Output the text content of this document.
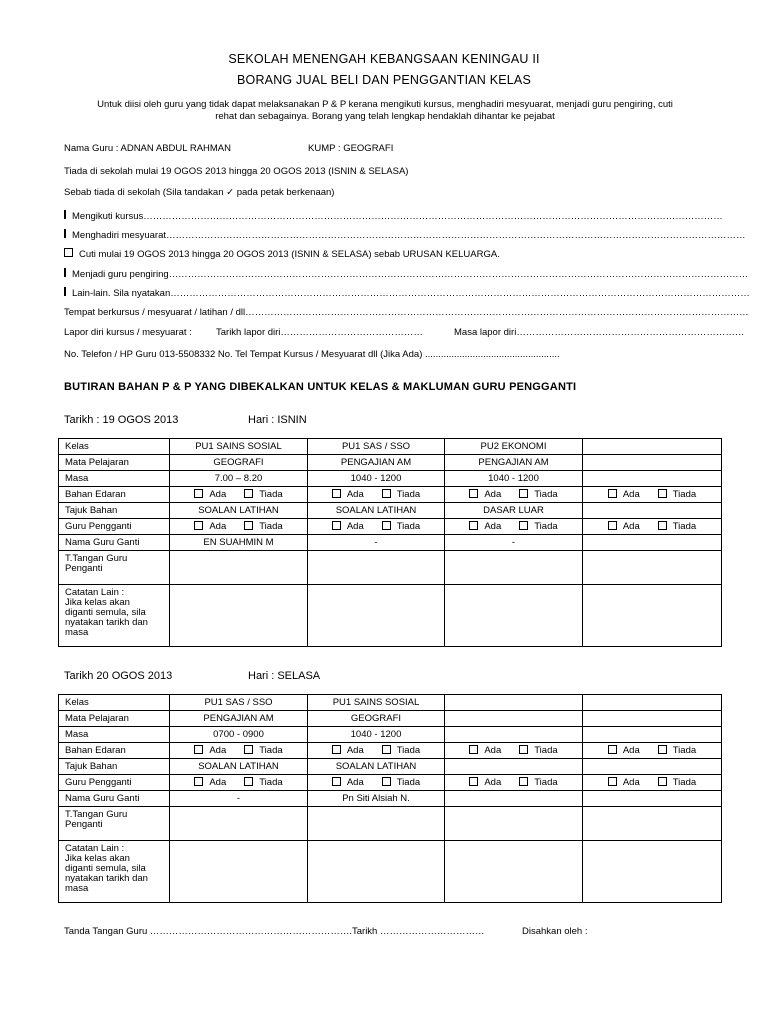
SEKOLAH MENENGAH KEBANGSAAN KENINGAU II
BORANG JUAL BELI DAN PENGGANTIAN KELAS
Untuk diisi oleh guru yang tidak dapat melaksanakan P & P kerana mengikuti kursus, menghadiri mesyuarat, menjadi guru pengiring, cuti
rehat dan sebagainya. Borang yang telah lengkap hendaklah dihantar ke pejabat
Nama Guru : ADNAN ABDUL RAHMAN	KUMP : GEOGRAFI
Tiada di sekolah mulai 19 OGOS 2013 hingga 20 OGOS 2013 (ISNIN & SELASA)
Sebab tiada di sekolah (Sila tandakan ✓ pada petak berkenaan)
Mengikuti kursus …………………………………………………………………………………………………………………………………………………………………
Menghadiri mesyuarat …………………………………………………………………………………………………………………………………………………………………
Cuti mulai 19 OGOS 2013 hingga 20 OGOS 2013 (ISNIN & SELASA) sebab URUSAN KELUARGA.
Menjadi guru pengiring …………………………………………………………………………………………………………………………………………………………………
Lain-lain. Sila nyatakan …………………………………………………………………………………………………………………………………………………………………
Tempat berkursus / mesyuarat / latihan / dll ……………………………………………………………………………………………………………………………………………
Lapor diri kursus / mesyuarat :	Tarikh lapor diri ………………………………………	Masa lapor diri ………………………………………………………………
No. Telefon / HP Guru 013-5508332 No. Tel Tempat Kursus / Mesyuarat dll (Jika Ada) ...................................................
BUTIRAN BAHAN P & P YANG DIBEKALKAN UNTUK KELAS & MAKLUMAN GURU PENGGANTI
Tarikh : 19 OGOS 2013	Hari : ISNIN
Kelas	PU1 SAINS SOSIAL	PU1 SAS / SSO	PU2 EKONOMI	
Mata Pelajaran	GEOGRAFI	PENGAJIAN AM	PENGAJIAN AM	
Masa	7.00 – 8.20	1040 - 1200	1040 - 1200	
Bahan Edaran	Ada Tiada	Ada Tiada	Ada Tiada	Ada Tiada
Tajuk Bahan	SOALAN LATIHAN	SOALAN LATIHAN	DASAR LUAR	
Guru Pengganti	Ada Tiada	Ada Tiada	Ada Tiada	Ada Tiada
Nama Guru Ganti	EN SUAHMIN M	-	-	

T.Tangan Guru
Penganti				

Catatan Lain :
Jika kelas akan
diganti semula, sila
nyatakan tarikh dan
masa				

Tarikh 20 OGOS 2013	Hari : SELASA
Kelas	PU1 SAS / SSO	PU1 SAINS SOSIAL		
Mata Pelajaran	PENGAJIAN AM	GEOGRAFI		
Masa	0700 - 0900	1040 - 1200		
Bahan Edaran	Ada Tiada	Ada Tiada	Ada Tiada	Ada Tiada
Tajuk Bahan	SOALAN LATIHAN	SOALAN LATIHAN		
Guru Pengganti	Ada Tiada	Ada Tiada	Ada Tiada	Ada Tiada
Nama Guru Ganti	-	Pn Siti Alsiah N.		

T.Tangan Guru
Penganti				

Catatan Lain :
Jika kelas akan
diganti semula, sila
nyatakan tarikh dan
masa				

Tanda Tangan Guru ………………………………………………………. Tarikh ……………………………	Disahkan oleh :
